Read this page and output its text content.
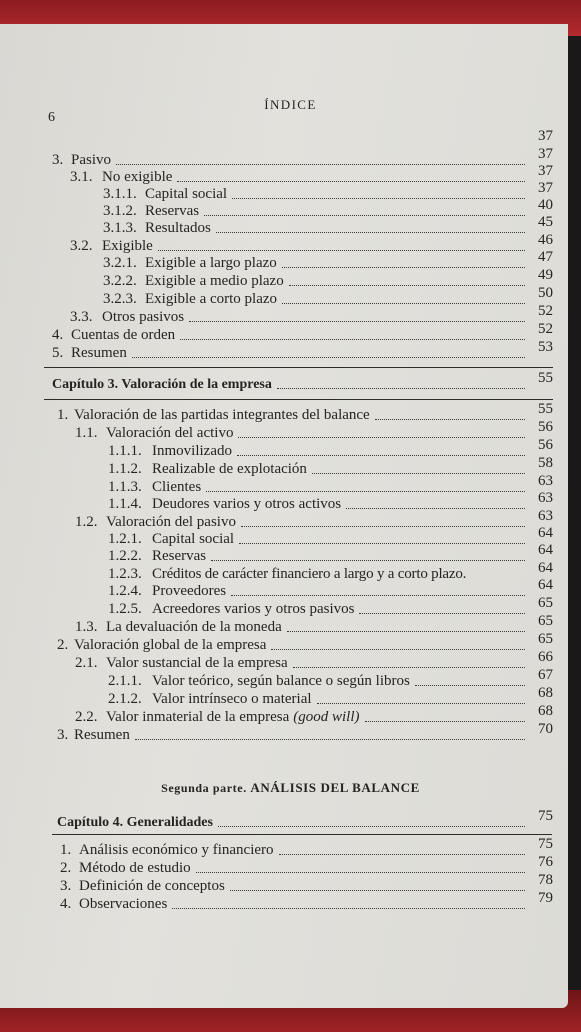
ÍNDICE
6
37
3. Pasivo	37
3.1. No exigible	37
3.1.1. Capital social	37
3.1.2. Reservas	40
3.1.3. Resultados	45
3.2. Exigible	46
3.2.1. Exigible a largo plazo	47
3.2.2. Exigible a medio plazo	49
3.2.3. Exigible a corto plazo	50
3.3. Otros pasivos	52
4. Cuentas de orden	52
5. Resumen	53
Capítulo 3. Valoración de la empresa	55
1. Valoración de las partidas integrantes del balance	55
1.1. Valoración del activo	56
1.1.1. Inmovilizado	56
1.1.2. Realizable de explotación	58
1.1.3. Clientes	63
1.1.4. Deudores varios y otros activos	63
1.2. Valoración del pasivo	63
1.2.1. Capital social	64
1.2.2. Reservas	64
1.2.3. Créditos de carácter financiero a largo y a corto plazo.	64
1.2.4. Proveedores	64
1.2.5. Acreedores varios y otros pasivos	65
1.3. La devaluación de la moneda	65
2. Valoración global de la empresa	65
2.1. Valor sustancial de la empresa	66
2.1.1. Valor teórico, según balance o según libros	67
2.1.2. Valor intrínseco o material	68
2.2. Valor inmaterial de la empresa (good will)	68
3. Resumen	70
Segunda parte. ANÁLISIS DEL BALANCE
Capítulo 4. Generalidades	75
1. Análisis económico y financiero	75
2. Método de estudio	76
3. Definición de conceptos	78
4. Observaciones	79
